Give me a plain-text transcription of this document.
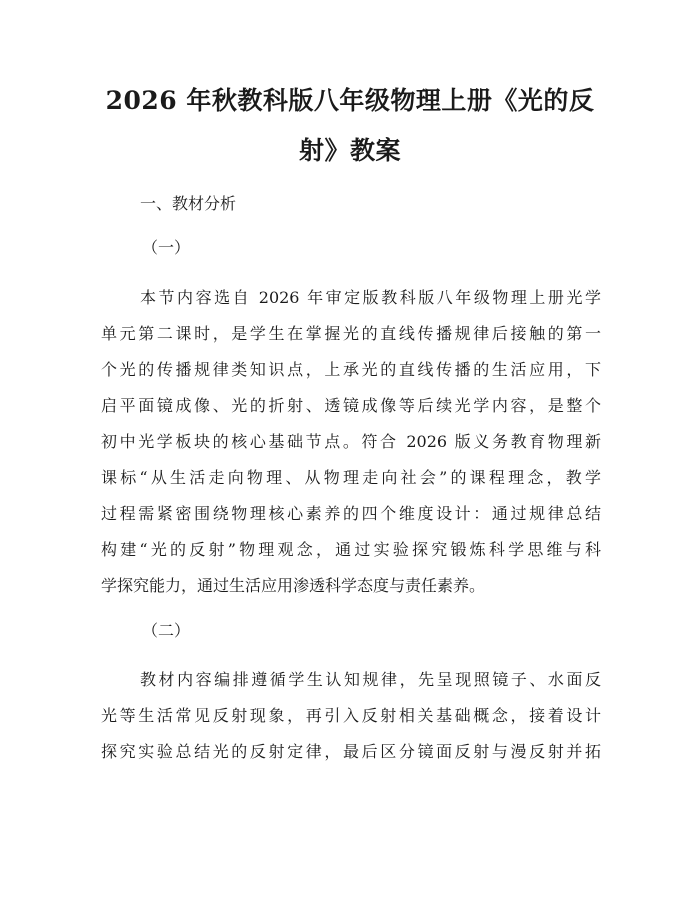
2026 年秋教科版八年级物理上册《光的反
射》教案
一、教材分析
（一）
本节内容选自 2026 年审定版教科版八年级物理上册光学
单元第二课时，是学生在掌握光的直线传播规律后接触的第一
个光的传播规律类知识点，上承光的直线传播的生活应用，下
启平面镜成像、光的折射、透镜成像等后续光学内容，是整个
初中光学板块的核心基础节点。符合 2026 版义务教育物理新
课标“从生活走向物理、从物理走向社会”的课程理念，教学
过程需紧密围绕物理核心素养的四个维度设计：通过规律总结
构建“光的反射”物理观念，通过实验探究锻炼科学思维与科
学探究能力，通过生活应用渗透科学态度与责任素养。
（二）
教材内容编排遵循学生认知规律，先呈现照镜子、水面反
光等生活常见反射现象，再引入反射相关基础概念，接着设计
探究实验总结光的反射定律，最后区分镜面反射与漫反射并拓
